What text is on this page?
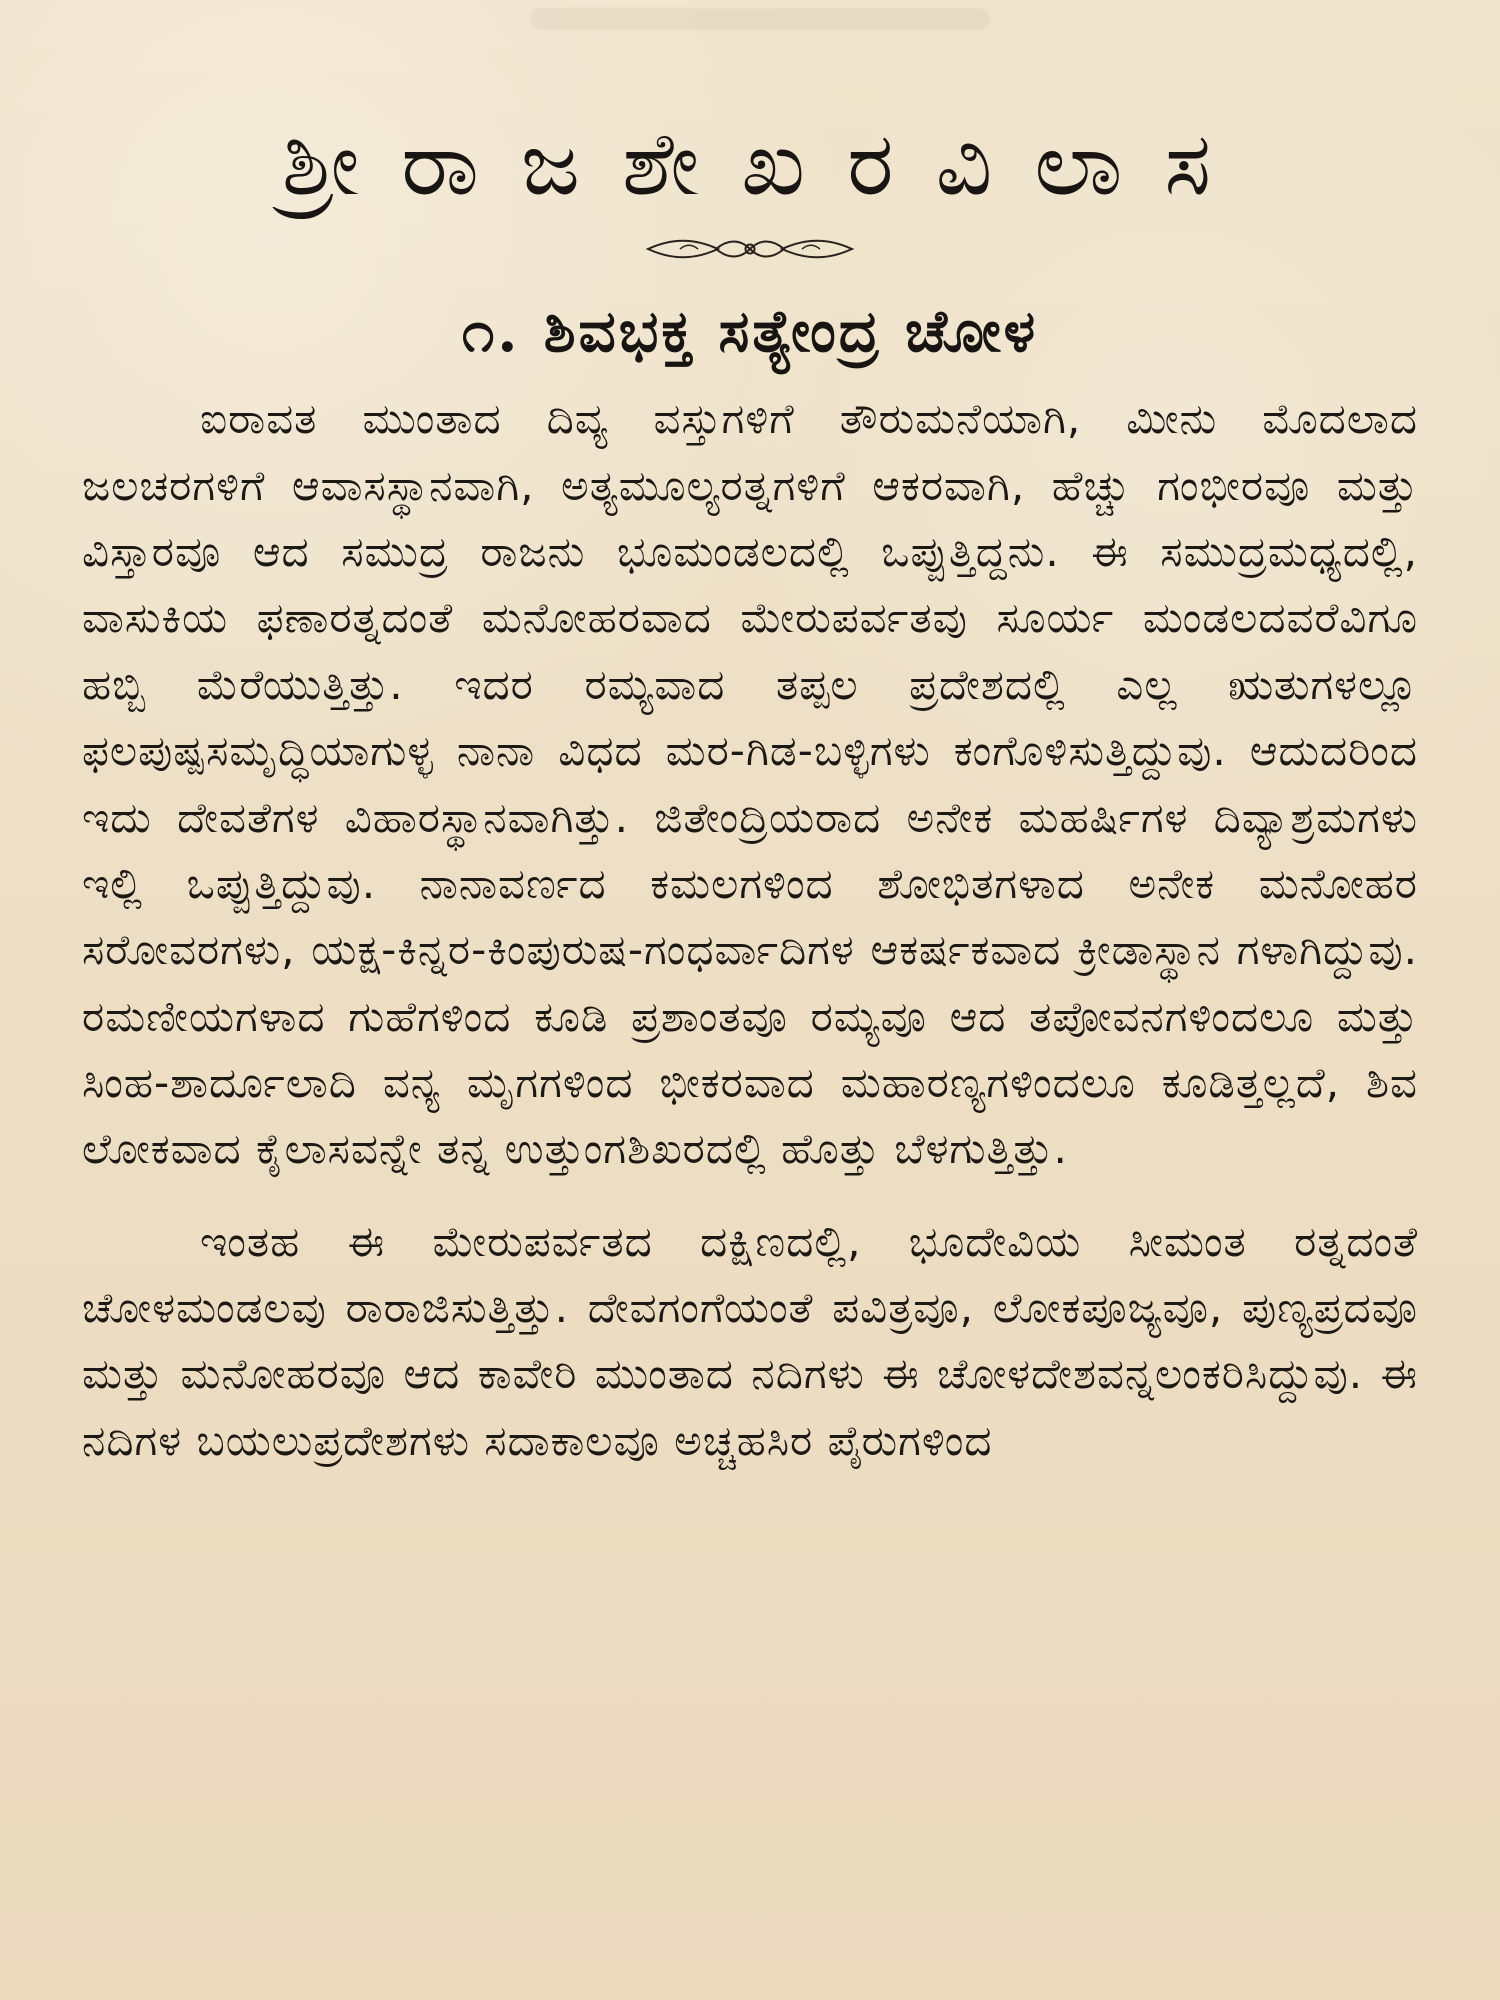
ಶ್ರೀ ರಾ ಜ ಶೇ ಖ ರ ವಿ ಲಾ ಸ
೧. ಶಿವಭಕ್ತ ಸತ್ಯೇಂದ್ರ ಚೋಳ

ಐರಾವತ ಮುಂತಾದ ದಿವ್ಯ ವಸ್ತುಗಳಿಗೆ ತೌರುಮನೆಯಾಗಿ, ಮೀನು ಮೊದಲಾದ ಜಲಚರಗಳಿಗೆ ಆವಾಸಸ್ಥಾನವಾಗಿ, ಅತ್ಯಮೂಲ್ಯರತ್ನಗಳಿಗೆ ಆಕರವಾಗಿ, ಹೆಚ್ಚು ಗಂಭೀರವೂ ಮತ್ತು ವಿಸ್ತಾರವೂ ಆದ ಸಮುದ್ರ ರಾಜನು ಭೂಮಂಡಲದಲ್ಲಿ ಒಪ್ಪುತ್ತಿದ್ದನು. ಈ ಸಮುದ್ರಮಧ್ಯದಲ್ಲಿ, ವಾಸುಕಿಯ ಫಣಾರತ್ನದಂತೆ ಮನೋಹರವಾದ ಮೇರುಪರ್ವತವು ಸೂರ್ಯ ಮಂಡಲದವರೆವಿಗೂ ಹಬ್ಬಿ ಮೆರೆಯುತ್ತಿತ್ತು. ಇದರ ರಮ್ಯವಾದ ತಪ್ಪಲ ಪ್ರದೇಶದಲ್ಲಿ ಎಲ್ಲ ಋತುಗಳಲ್ಲೂ ಫಲಪುಷ್ಪಸಮೃದ್ಧಿಯಾಗುಳ್ಳ ನಾನಾ ವಿಧದ ಮರ-ಗಿಡ-ಬಳ್ಳಿಗಳು ಕಂಗೊಳಿಸುತ್ತಿದ್ದುವು. ಆದುದರಿಂದ ಇದು ದೇವತೆಗಳ ವಿಹಾರಸ್ಥಾನವಾಗಿತ್ತು. ಜಿತೇಂದ್ರಿಯರಾದ ಅನೇಕ ಮಹರ್ಷಿಗಳ ದಿವ್ಯಾಶ್ರಮಗಳು ಇಲ್ಲಿ ಒಪ್ಪುತ್ತಿದ್ದುವು. ನಾನಾವರ್ಣದ ಕಮಲಗಳಿಂದ ಶೋಭಿತಗಳಾದ ಅನೇಕ ಮನೋಹರ ಸರೋವರಗಳು, ಯಕ್ಷ-ಕಿನ್ನರ-ಕಿಂಪುರುಷ-ಗಂಧರ್ವಾದಿಗಳ ಆಕರ್ಷಕವಾದ ಕ್ರೀಡಾಸ್ಥಾನ ಗಳಾಗಿದ್ದುವು. ರಮಣೀಯಗಳಾದ ಗುಹೆಗಳಿಂದ ಕೂಡಿ ಪ್ರಶಾಂತವೂ ರಮ್ಯವೂ ಆದ ತಪೋವನಗಳಿಂದಲೂ ಮತ್ತು ಸಿಂಹ-ಶಾರ್ದೂಲಾದಿ ವನ್ಯ ಮೃಗಗಳಿಂದ ಭೀಕರವಾದ ಮಹಾರಣ್ಯಗಳಿಂದಲೂ ಕೂಡಿತ್ತಲ್ಲದೆ, ಶಿವ ಲೋಕವಾದ ಕೈಲಾಸವನ್ನೇ ತನ್ನ ಉತ್ತುಂಗಶಿಖರದಲ್ಲಿ ಹೊತ್ತು ಬೆಳಗುತ್ತಿತ್ತು.

ಇಂತಹ ಈ ಮೇರುಪರ್ವತದ ದಕ್ಷಿಣದಲ್ಲಿ, ಭೂದೇವಿಯ ಸೀಮಂತ ರತ್ನದಂತೆ ಚೋಳಮಂಡಲವು ರಾರಾಜಿಸುತ್ತಿತ್ತು. ದೇವಗಂಗೆಯಂತೆ ಪವಿತ್ರವೂ, ಲೋಕಪೂಜ್ಯವೂ, ಪುಣ್ಯಪ್ರದವೂ ಮತ್ತು ಮನೋಹರವೂ ಆದ ಕಾವೇರಿ ಮುಂತಾದ ನದಿಗಳು ಈ ಚೋಳದೇಶವನ್ನಲಂಕರಿಸಿದ್ದುವು. ಈ ನದಿಗಳ ಬಯಲುಪ್ರದೇಶಗಳು ಸದಾಕಾಲವೂ ಅಚ್ಚಹಸಿರ ಪೈರುಗಳಿಂದ
